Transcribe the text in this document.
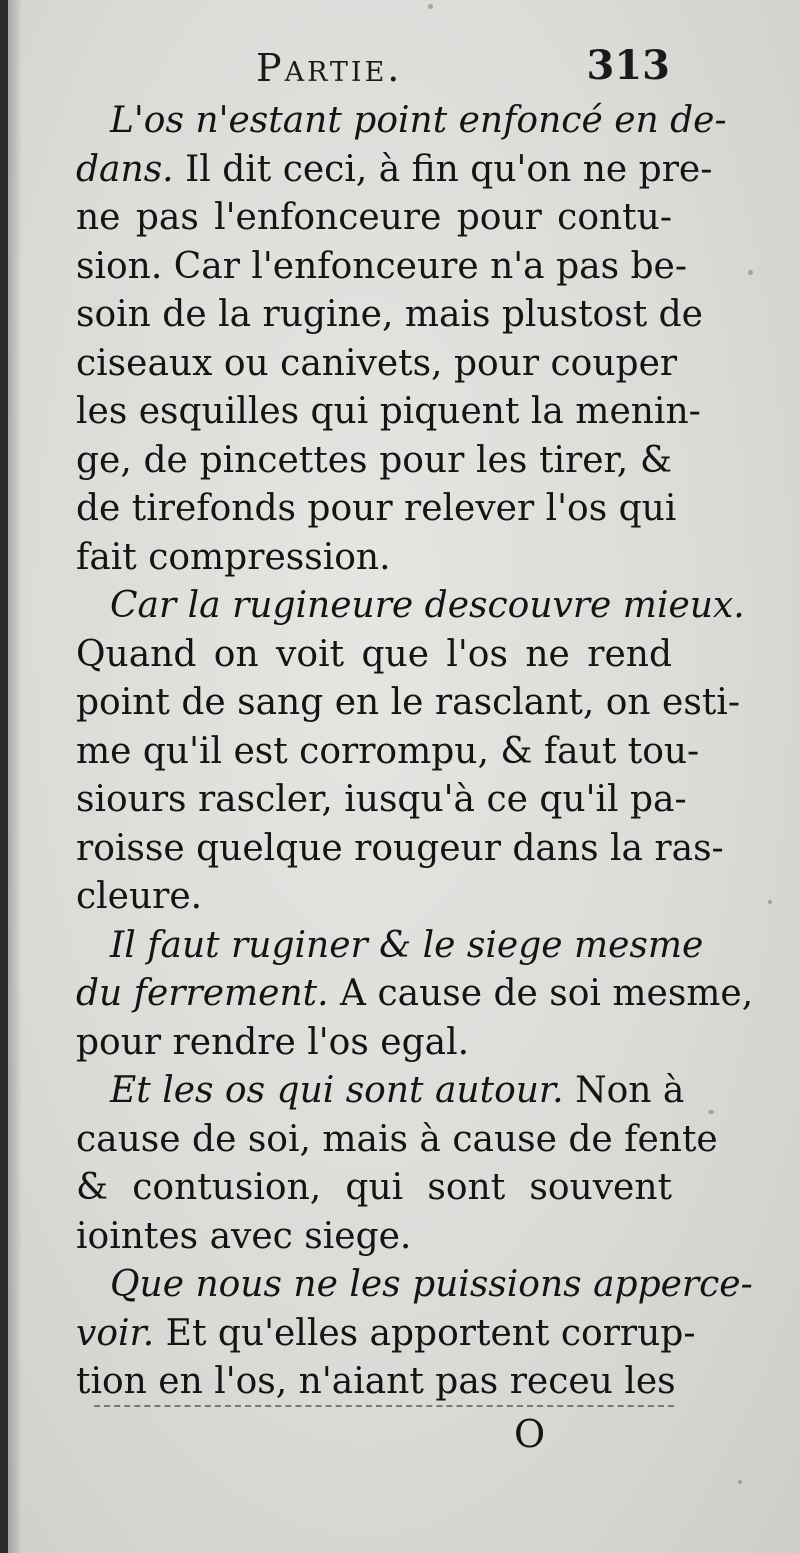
Partie.	313
L'os n'estant point enfoncé en de-
dans. Il dit ceci, à fin qu'on ne pre-
ne pas l'enfonceure pour contu-
sion. Car l'enfonceure n'a pas be-
soin de la rugine, mais plustost de
ciseaux ou canivets, pour couper
les esquilles qui piquent la menin-
ge, de pincettes pour les tirer, &
de tirefonds pour relever l'os qui
fait compression.
Car la rugineure descouvre mieux.
Quand on voit que l'os ne rend
point de sang en le rasclant, on esti-
me qu'il est corrompu, & faut tou-
siours rascler, iusqu'à ce qu'il pa-
roisse quelque rougeur dans la ras-
cleure.
Il faut ruginer & le siege mesme
du ferrement. A cause de soi mesme,
pour rendre l'os egal.
Et les os qui sont autour. Non à
cause de soi, mais à cause de fente
& contusion, qui sont souvent
iointes avec siege.
Que nous ne les puissions apperce-
voir. Et qu'elles apportent corrup-
tion en l'os, n'aiant pas receu les
O
